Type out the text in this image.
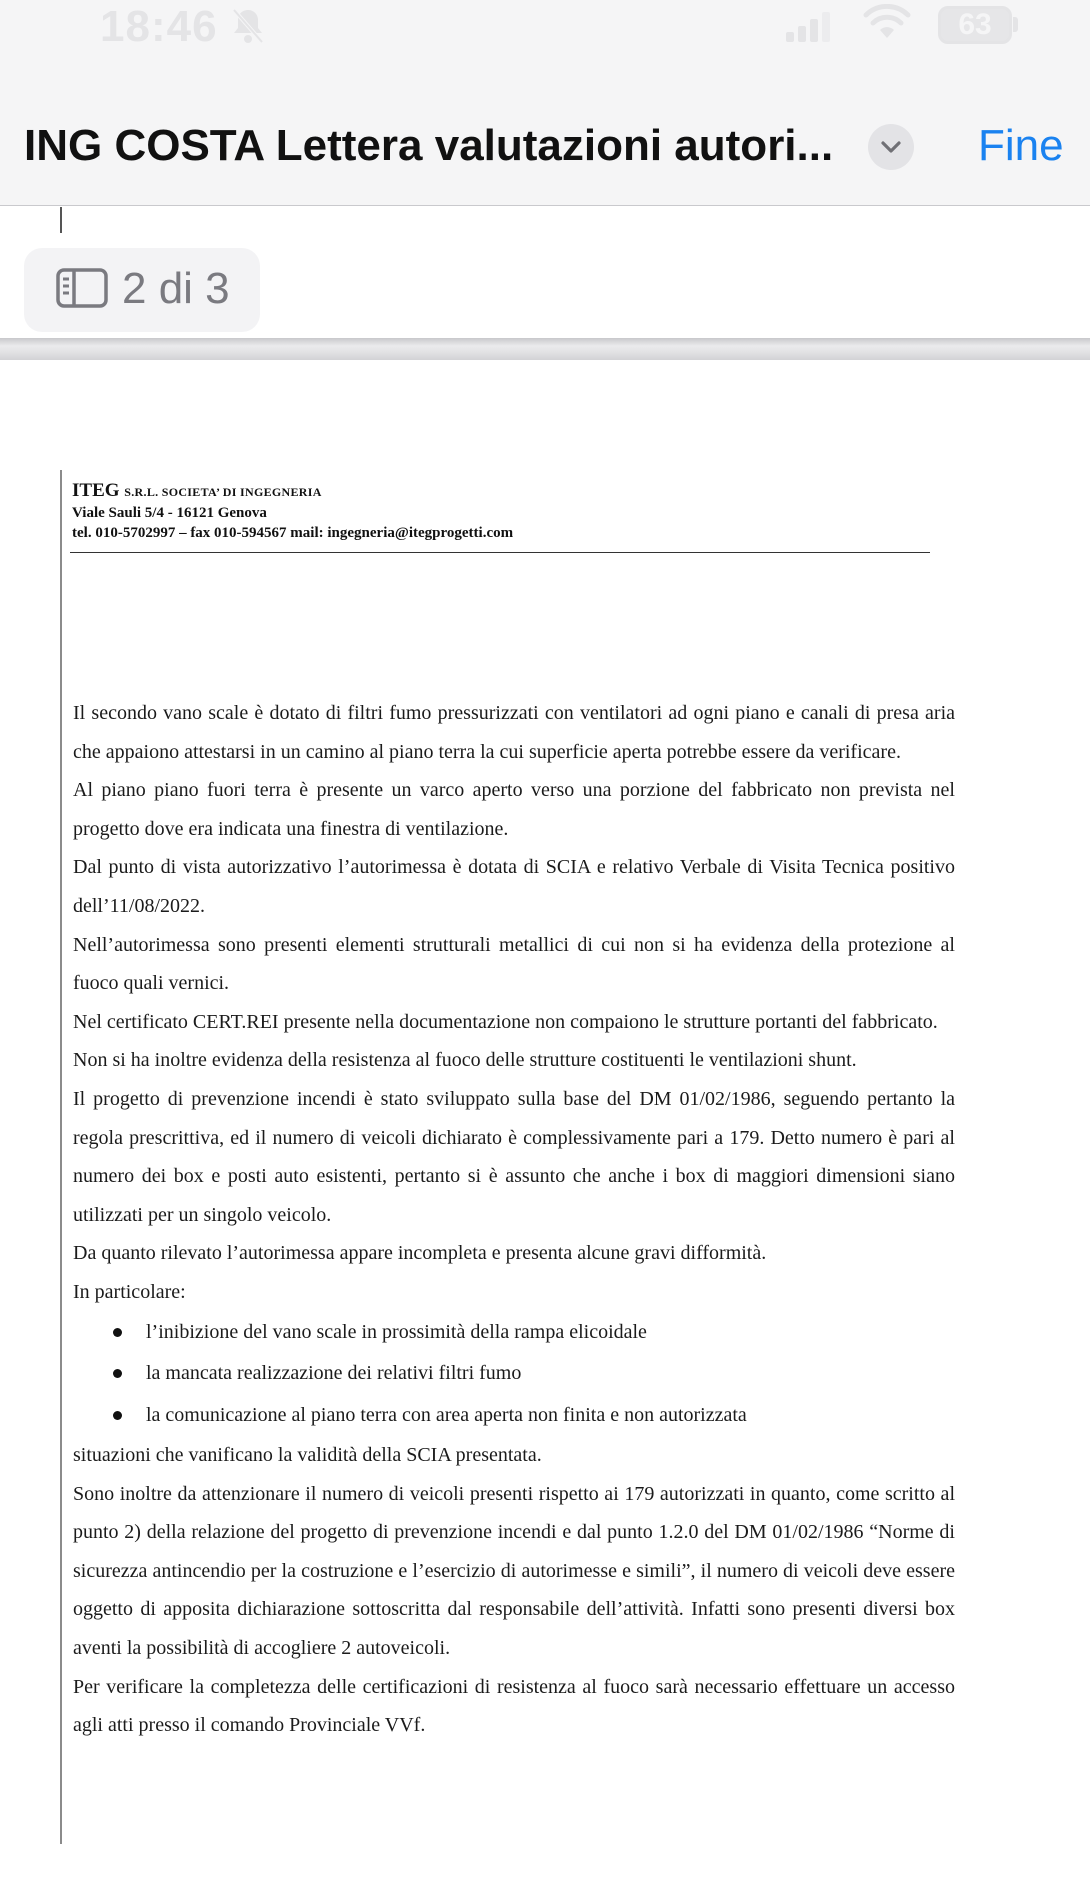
18:46	63
ING COSTA Lettera valutazioni autori...	Fine
2 di 3
ITEG S.R.L. SOCIETA’ DI INGEGNERIA
Viale Sauli 5/4 - 16121 Genova
tel. 010-5702997 – fax 010-594567 mail: ingegneria@itegprogetti.com

Il secondo vano scale è dotato di filtri fumo pressurizzati con ventilatori ad ogni piano e canali di presa aria che appaiono attestarsi in un camino al piano terra la cui superficie aperta potrebbe essere da verificare.

Al piano piano fuori terra è presente un varco aperto verso una porzione del fabbricato non prevista nel progetto dove era indicata una finestra di ventilazione.

Dal punto di vista autorizzativo l’autorimessa è dotata di SCIA e relativo Verbale di Visita Tecnica positivo dell’11/08/2022.

Nell’autorimessa sono presenti elementi strutturali metallici di cui non si ha evidenza della protezione al fuoco quali vernici.

Nel certificato CERT.REI presente nella documentazione non compaiono le strutture portanti del fabbricato.

Non si ha inoltre evidenza della resistenza al fuoco delle strutture costituenti le ventilazioni shunt.

Il progetto di prevenzione incendi è stato sviluppato sulla base del DM 01/02/1986, seguendo pertanto la regola prescrittiva, ed il numero di veicoli dichiarato è complessivamente pari a 179. Detto numero è pari al numero dei box e posti auto esistenti, pertanto si è assunto che anche i box di maggiori dimensioni siano utilizzati per un singolo veicolo.

Da quanto rilevato l’autorimessa appare incompleta e presenta alcune gravi difformità.

In particolare:

l’inibizione del vano scale in prossimità della rampa elicoidale
la mancata realizzazione dei relativi filtri fumo
la comunicazione al piano terra con area aperta non finita e non autorizzata

situazioni che vanificano la validità della SCIA presentata.

Sono inoltre da attenzionare il numero di veicoli presenti rispetto ai 179 autorizzati in quanto, come scritto al punto 2) della relazione del progetto di prevenzione incendi e dal punto 1.2.0 del DM 01/02/1986 “Norme di sicurezza antincendio per la costruzione e l’esercizio di autorimesse e simili”, il numero di veicoli deve essere oggetto di apposita dichiarazione sottoscritta dal responsabile dell’attività. Infatti sono presenti diversi box aventi la possibilità di accogliere 2 autoveicoli.

Per verificare la completezza delle certificazioni di resistenza al fuoco sarà necessario effettuare un accesso agli atti presso il comando Provinciale VVf.
